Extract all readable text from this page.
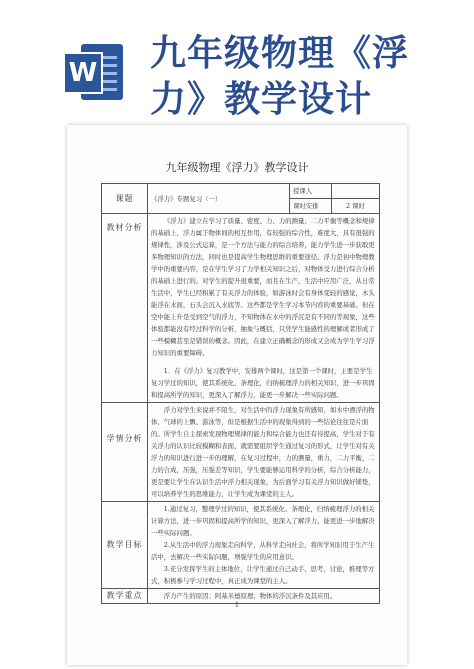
W 九年级物理《浮力》教学设计
九年级物理《浮力》教学设计
课题	《浮力》专题复习（一）	授课人	
		课时安排	2 课时
教材分析	《浮力》建立在学习了质量、密度、力、力的测量、二力平衡等概念和规律的基础上，浮力属于物体间的相互作用，有较强的综合性，难度大，具有很强的规律性，涉及公式运算，是一个方法与能力的综合培养，能力学生进一步获取更多物理知识的方法，同时也是提高学生物理思维的重要途径。浮力是初中物理教学中的重要内容，是在学生学习了力学相关知识之后，对物体受力进行综合分析的基础上进行的。对学生的提升很重要，而且在生产、生活中应用广泛，从日常生活中，学生已经积累了有关浮力的体验，如游泳时会有身体变轻的感觉，木头能浮在水面，石头会沉入水底等。这些都是学生学习本节内容的重要基础。但在空中能上升是受到空气的浮力，不知物体在水中的浮沉是有不同的等现象，这些体验都能没有经过科学的分析，抽象与概括，只凭学生能感性的理解或者形成了一些模糊甚至是错误的概念。因此，在建立正确概念的形成又会成为学生学习浮力知识的重要障碍。

1．在《浮力》复习教学中，安排两个课时，这是第一个课时，主要是学生复习学过的知识，使其系统化、条理化，归纳梳理浮力的相关知识，进一步巩固和提高所学的知识，更深入了解浮力，能更一步解决一些实际问题。		

学情分析	浮力对学生来说并不陌生，对生活中的浮力现象有所感知，如水中漂浮的物体、气球的上飘、游泳等，但是根据生活中的现象得到的一些结论往往是片面的。所学生自主探索发现物理规律的能力和综合能力也还有待提高，学生对于有关浮力的认识比较模糊和表面，就需要组织学生通过复习的形式，让学生对有关浮力的知识进行进一步的理解，在复习过程中，力的测量，重力，二力平衡，二力的合成，压强，压强差等知识，学生要能够运用科学的分析，综合分析能力，更是要让学生在认识生活中浮力相关现象，为后面学习有关浮力知识做好铺垫，可以培养学生的思维能力，让学生成为课堂的主人。		

教学目标	1.通过复习，整理学过的知识，使其系统化、条理化，归纳梳理浮力的相关计算方法，进一步巩固和提高所学的知识，更深入了解浮力，能更进一步地解决一些实际问题。

2.从生活中的浮力现象走向科学，从科学走向社会，将所学知识用于生产生活中，去解决一些实际问题，增强学生的应用意识。

3.充分发挥学生的主体地位，让学生通过自己动手、思考、讨论，推理等方式，积极参与学习过程中，真正成为课堂的主人。		

教学重点	浮力产生的原因；阿基米德原理；物体的浮沉条件及其应用。		

1
